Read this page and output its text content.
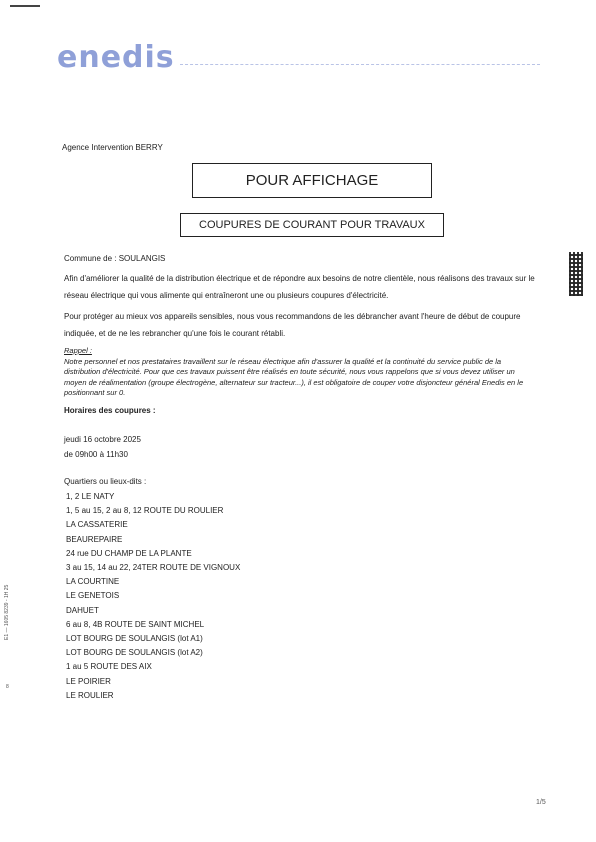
enedis
Agence Intervention BERRY
POUR AFFICHAGE
COUPURES DE COURANT POUR TRAVAUX
Commune de : SOULANGIS
Afin d'améliorer la qualité de la distribution électrique et de répondre aux besoins de notre clientèle, nous réalisons des travaux sur le réseau électrique qui vous alimente qui entraîneront une ou plusieurs coupures d'électricité.
Pour protéger au mieux vos appareils sensibles, nous vous recommandons de les débrancher avant l'heure de début de coupure indiquée, et de ne les rebrancher qu'une fois le courant rétabli.
Rappel :
Notre personnel et nos prestataires travaillent sur le réseau électrique afin d'assurer la qualité et la continuité du service public de la distribution d'électricité. Pour que ces travaux puissent être réalisés en toute sécurité, nous vous rappelons que si vous devez utiliser un moyen de réalimentation (groupe électrogène, alternateur sur tracteur...), il est obligatoire de couper votre disjoncteur général Enedis en le positionnant sur 0.
Horaires des coupures :
jeudi 16 octobre 2025
de 09h00 à 11h30
Quartiers ou lieux-dits :
1, 2 LE NATY
1, 5 au 15, 2 au 8, 12 ROUTE DU ROULIER
LA CASSATERIE
BEAUREPAIRE
24 rue DU CHAMP DE LA PLANTE
3 au 15, 14 au 22, 24TER ROUTE DE VIGNOUX
LA COURTINE
LE GENETOIS
DAHUET
6 au 8, 4B ROUTE DE SAINT MICHEL
LOT BOURG DE SOULANGIS (lot A1)
LOT BOURG DE SOULANGIS (lot A2)
1 au 5 ROUTE DES AIX
LE POIRIER
LE ROULIER
E1 — 1605 8239 - 1H 25
8
1/5
